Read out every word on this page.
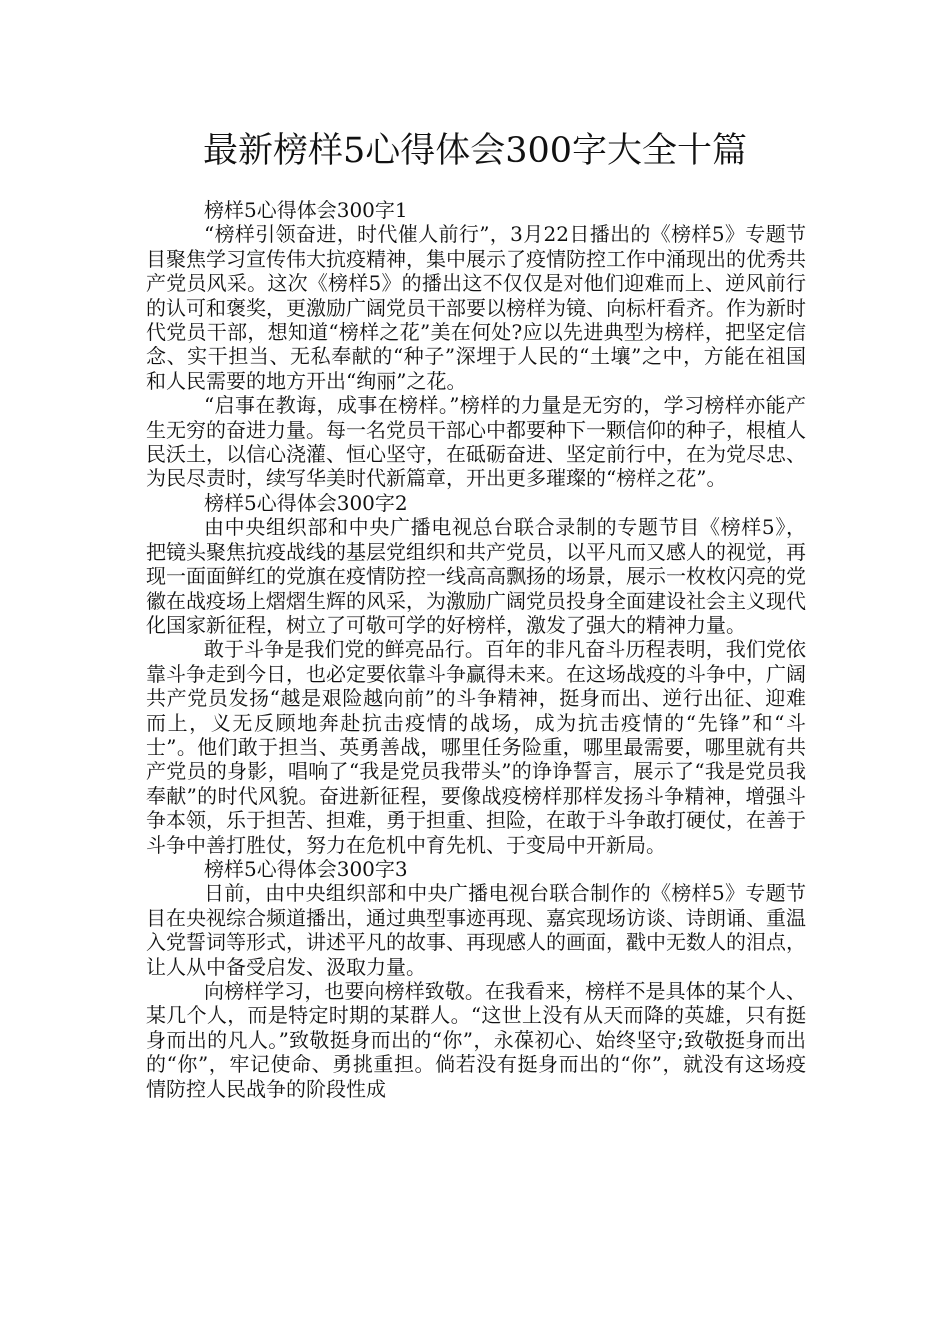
最新榜样5心得体会300字大全十篇

榜样5心得体会300字1

“榜样引领奋进，时代催人前行”，3月22日播出的《榜样5》专题节目聚焦学习宣传伟大抗疫精神，集中展示了疫情防控工作中涌现出的优秀共产党员风采。这次《榜样5》的播出这不仅仅是对他们迎难而上、逆风前行的认可和褒奖，更激励广阔党员干部要以榜样为镜、向标杆看齐。作为新时代党员干部，想知道“榜样之花”美在何处?应以先进典型为榜样，把坚定信念、实干担当、无私奉献的“种子”深埋于人民的“土壤”之中，方能在祖国和人民需要的地方开出“绚丽”之花。

“启事在教诲，成事在榜样。”榜样的力量是无穷的，学习榜样亦能产生无穷的奋进力量。每一名党员干部心中都要种下一颗信仰的种子，根植人民沃土，以信心浇灌、恒心坚守，在砥砺奋进、坚定前行中，在为党尽忠、为民尽责时，续写华美时代新篇章，开出更多璀璨的“榜样之花”。

榜样5心得体会300字2

由中央组织部和中央广播电视总台联合录制的专题节目《榜样5》，把镜头聚焦抗疫战线的基层党组织和共产党员，以平凡而又感人的视觉，再现一面面鲜红的党旗在疫情防控一线高高飘扬的场景，展示一枚枚闪亮的党徽在战疫场上熠熠生辉的风采，为激励广阔党员投身全面建设社会主义现代化国家新征程，树立了可敬可学的好榜样，激发了强大的精神力量。

敢于斗争是我们党的鲜亮品行。百年的非凡奋斗历程表明，我们党依靠斗争走到今日，也必定要依靠斗争赢得未来。在这场战疫的斗争中，广阔共产党员发扬“越是艰险越向前”的斗争精神，挺身而出、逆行出征、迎难而上，义无反顾地奔赴抗击疫情的战场，成为抗击疫情的“先锋”和“斗士”。他们敢于担当、英勇善战，哪里任务险重，哪里最需要，哪里就有共产党员的身影，唱响了“我是党员我带头”的诤诤誓言，展示了“我是党员我奉献”的时代风貌。奋进新征程，要像战疫榜样那样发扬斗争精神，增强斗争本领，乐于担苦、担难，勇于担重、担险，在敢于斗争敢打硬仗，在善于斗争中善打胜仗，努力在危机中育先机、于变局中开新局。

榜样5心得体会300字3

日前，由中央组织部和中央广播电视台联合制作的《榜样5》专题节目在央视综合频道播出，通过典型事迹再现、嘉宾现场访谈、诗朗诵、重温入党誓词等形式，讲述平凡的故事、再现感人的画面，戳中无数人的泪点，让人从中备受启发、汲取力量。

向榜样学习，也要向榜样致敬。在我看来，榜样不是具体的某个人、某几个人，而是特定时期的某群人。“这世上没有从天而降的英雄，只有挺身而出的凡人。”致敬挺身而出的“你”，永葆初心、始终坚守;致敬挺身而出的“你”，牢记使命、勇挑重担。倘若没有挺身而出的“你”，就没有这场疫情防控人民战争的阶段性成
